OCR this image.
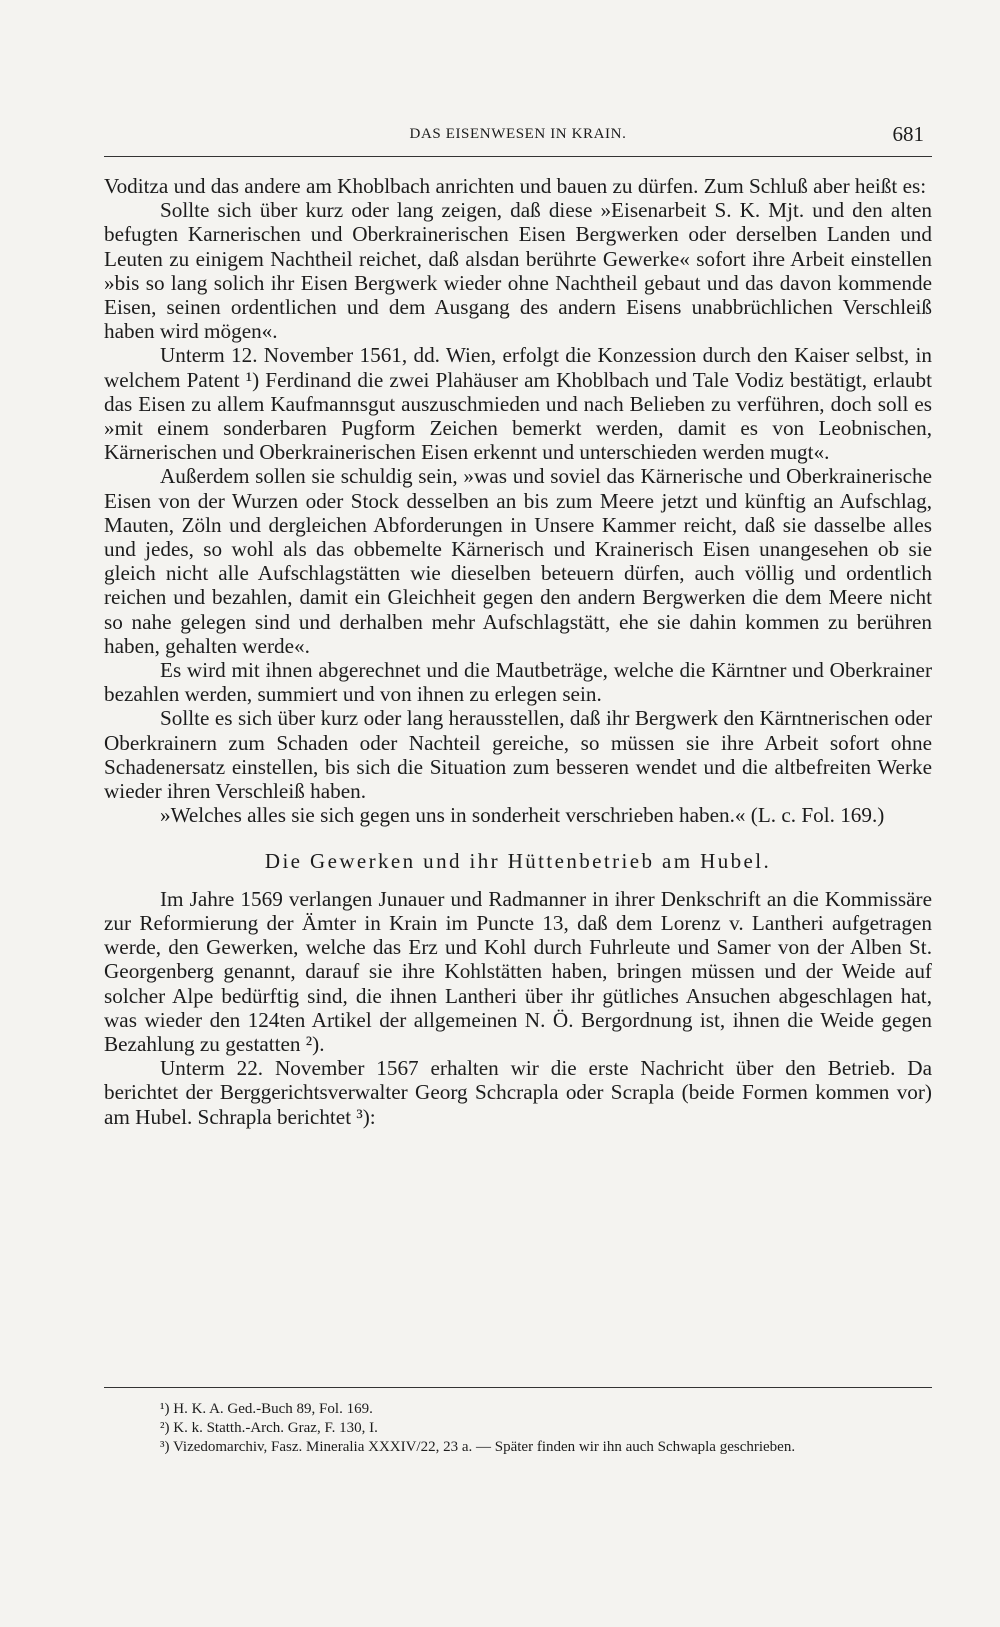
DAS EISENWESEN IN KRAIN.	681

Voditza und das andere am Khoblbach anrichten und bauen zu dürfen. Zum Schluß aber heißt es:

Sollte sich über kurz oder lang zeigen, daß diese »Eisenarbeit S. K. Mjt. und den alten befugten Karnerischen und Oberkrainerischen Eisen Bergwerken oder derselben Landen und Leuten zu einigem Nachtheil reichet, daß alsdan berührte Gewerke« sofort ihre Arbeit einstellen »bis so lang solich ihr Eisen Bergwerk wieder ohne Nachtheil gebaut und das davon kommende Eisen, seinen ordentlichen und dem Ausgang des andern Eisens unabbrüchlichen Verschleiß haben wird mögen«.

Unterm 12. November 1561, dd. Wien, erfolgt die Konzession durch den Kaiser selbst, in welchem Patent ¹) Ferdinand die zwei Plahäuser am Khoblbach und Tale Vodiz bestätigt, erlaubt das Eisen zu allem Kaufmannsgut auszuschmieden und nach Belieben zu verführen, doch soll es »mit einem sonderbaren Pugform Zeichen bemerkt werden, damit es von Leobnischen, Kärnerischen und Oberkrainerischen Eisen erkennt und unterschieden werden mugt«.

Außerdem sollen sie schuldig sein, »was und soviel das Kärnerische und Oberkrainerische Eisen von der Wurzen oder Stock desselben an bis zum Meere jetzt und künftig an Aufschlag, Mauten, Zöln und dergleichen Abforderungen in Unsere Kammer reicht, daß sie dasselbe alles und jedes, so wohl als das obbemelte Kärnerisch und Krainerisch Eisen unangesehen ob sie gleich nicht alle Aufschlagstätten wie dieselben beteuern dürfen, auch völlig und ordentlich reichen und bezahlen, damit ein Gleichheit gegen den andern Bergwerken die dem Meere nicht so nahe gelegen sind und derhalben mehr Aufschlagstätt, ehe sie dahin kommen zu berühren haben, gehalten werde«.

Es wird mit ihnen abgerechnet und die Mautbeträge, welche die Kärntner und Oberkrainer bezahlen werden, summiert und von ihnen zu erlegen sein.

Sollte es sich über kurz oder lang herausstellen, daß ihr Bergwerk den Kärntnerischen oder Oberkrainern zum Schaden oder Nachteil gereiche, so müssen sie ihre Arbeit sofort ohne Schadenersatz einstellen, bis sich die Situation zum besseren wendet und die altbefreiten Werke wieder ihren Verschleiß haben.

»Welches alles sie sich gegen uns in sonderheit verschrieben haben.« (L. c. Fol. 169.)

Die Gewerken und ihr Hüttenbetrieb am Hubel.

Im Jahre 1569 verlangen Junauer und Radmanner in ihrer Denkschrift an die Kommissäre zur Reformierung der Ämter in Krain im Puncte 13, daß dem Lorenz v. Lantheri aufgetragen werde, den Gewerken, welche das Erz und Kohl durch Fuhrleute und Samer von der Alben St. Georgenberg genannt, darauf sie ihre Kohlstätten haben, bringen müssen und der Weide auf solcher Alpe bedürftig sind, die ihnen Lantheri über ihr gütliches Ansuchen abgeschlagen hat, was wieder den 124ten Artikel der allgemeinen N. Ö. Bergordnung ist, ihnen die Weide gegen Bezahlung zu gestatten ²).

Unterm 22. November 1567 erhalten wir die erste Nachricht über den Betrieb. Da berichtet der Berggerichtsverwalter Georg Schcrapla oder Scrapla (beide Formen kommen vor) am Hubel. Schrapla berichtet ³):

¹) H. K. A. Ged.-Buch 89, Fol. 169.

²) K. k. Statth.-Arch. Graz, F. 130, I.

³) Vizedomarchiv, Fasz. Mineralia XXXIV/22, 23 a. — Später finden wir ihn auch Schwapla geschrieben.
